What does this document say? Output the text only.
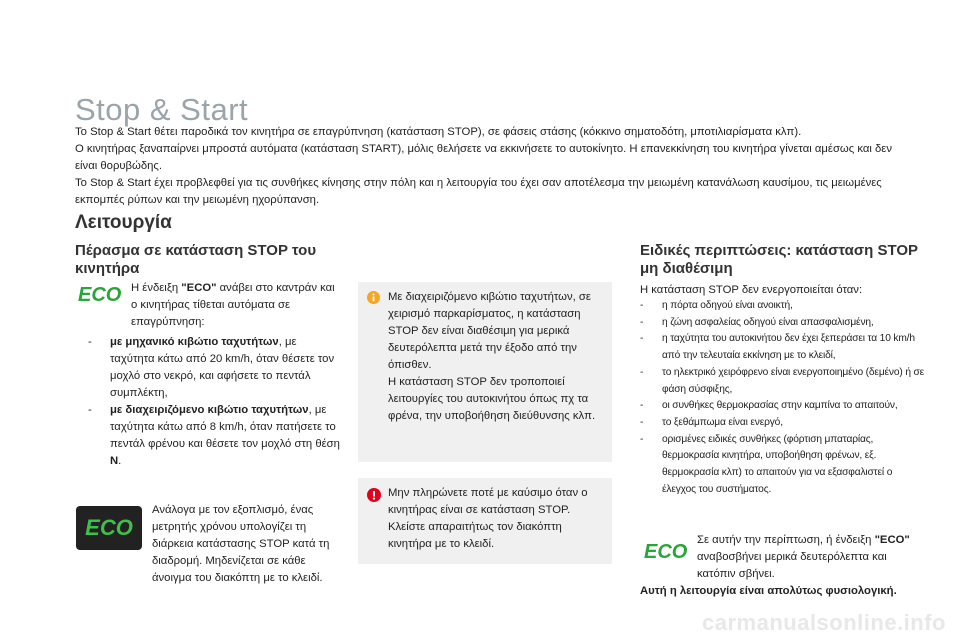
Stop & Start

Το Stop & Start θέτει παροδικά τον κινητήρα σε επαγρύπνηση (κατάσταση STOP), σε φάσεις στάσης (κόκκινο σηματοδότη, μποτιλιαρίσματα κλπ).

Ο κινητήρας ξαναπαίρνει μπροστά αυτόματα (κατάσταση START), μόλις θελήσετε να εκκινήσετε το αυτοκίνητο. Η επανεκκίνηση του κινητήρα γίνεται αμέσως και δεν είναι θορυβώδης.

Το Stop & Start έχει προβλεφθεί για τις συνθήκες κίνησης στην πόλη και η λειτουργία του έχει σαν αποτέλεσμα την μειωμένη κατανάλωση καυσίμου, τις μειωμένες εκπομπές ρύπων και την μειωμένη ηχορύπανση.

Λειτουργία
Πέρασμα σε κατάσταση STOP του κινητήρα
ECO Η ένδειξη "ECO" ανάβει στο καντράν και ο κινητήρας τίθεται αυτόματα σε επαγρύπνηση:
- με μηχανικό κιβώτιο ταχυτήτων, με ταχύτητα κάτω από 20 km/h, όταν θέσετε τον μοχλό στο νεκρό, και αφήσετε το πεντάλ συμπλέκτη,
- με διαχειριζόμενο κιβώτιο ταχυτήτων, με ταχύτητα κάτω από 8 km/h, όταν πατήσετε το πεντάλ φρένου και θέσετε τον μοχλό στη θέση N.
ECO
Ανάλογα με τον εξοπλισμό, ένας μετρητής χρόνου υπολογίζει τη διάρκεια κατάστασης STOP κατά τη διαδρομή. Μηδενίζεται σε κάθε άνοιγμα του διακόπτη με το κλειδί.
Με διαχειριζόμενο κιβώτιο ταχυτήτων, σε χειρισμό παρκαρίσματος, η κατάσταση STOP δεν είναι διαθέσιμη για μερικά δευτερόλεπτα μετά την έξοδο από την όπισθεν.
Η κατάσταση STOP δεν τροποποιεί λειτουργίες του αυτοκινήτου όπως πχ τα φρένα, την υποβοήθηση διεύθυνσης κλπ.
Μην πληρώνετε ποτέ με καύσιμο όταν ο κινητήρας είναι σε κατάσταση STOP. Κλείστε απαραιτήτως τον διακόπτη κινητήρα με το κλειδί.
Ειδικές περιπτώσεις: κατάσταση STOP μη διαθέσιμη
Η κατάσταση STOP δεν ενεργοποιείται όταν:
- η πόρτα οδηγού είναι ανοικτή,
- η ζώνη ασφαλείας οδηγού είναι απασφαλισμένη,
- η ταχύτητα του αυτοκινήτου δεν έχει ξεπεράσει τα 10 km/h από την τελευταία εκκίνηση με το κλειδί,
- το ηλεκτρικό χειρόφρενο είναι ενεργοποιημένο (δεμένο) ή σε φάση σύσφιξης,
- οι συνθήκες θερμοκρασίας στην καμπίνα το απαιτούν,
- το ξεθάμπωμα είναι ενεργό,
- ορισμένες ειδικές συνθήκες (φόρτιση μπαταρίας, θερμοκρασία κινητήρα, υποβοήθηση φρένων, εξ. θερμοκρασία κλπ) το απαιτούν για να εξασφαλιστεί ο έλεγχος του συστήματος.
ECO
Σε αυτήν την περίπτωση, ή ένδειξη "ECO" αναβοσβήνει μερικά δευτερόλεπτα και κατόπιν σβήνει.
Αυτή η λειτουργία είναι απολύτως φυσιολογική.
carmanualsonline.info
